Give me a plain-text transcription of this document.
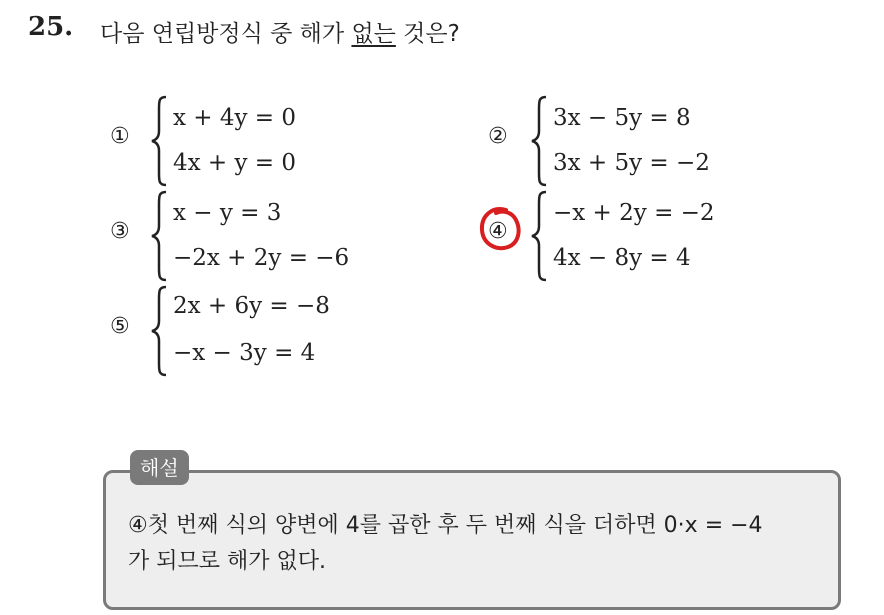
25. 다음 연립방정식 중 해가 없는 것은?
①
x + 4y = 0
4x + y = 0
②
3x − 5y = 8
3x + 5y = −2
③
x − y = 3
−2x + 2y = −6
④
−x + 2y = −2
4x − 8y = 4
⑤
2x + 6y = −8
−x − 3y = 4
해설
④첫 번째 식의 양변에 4를 곱한 후 두 번째 식을 더하면 0·x = −4
가 되므로 해가 없다.
